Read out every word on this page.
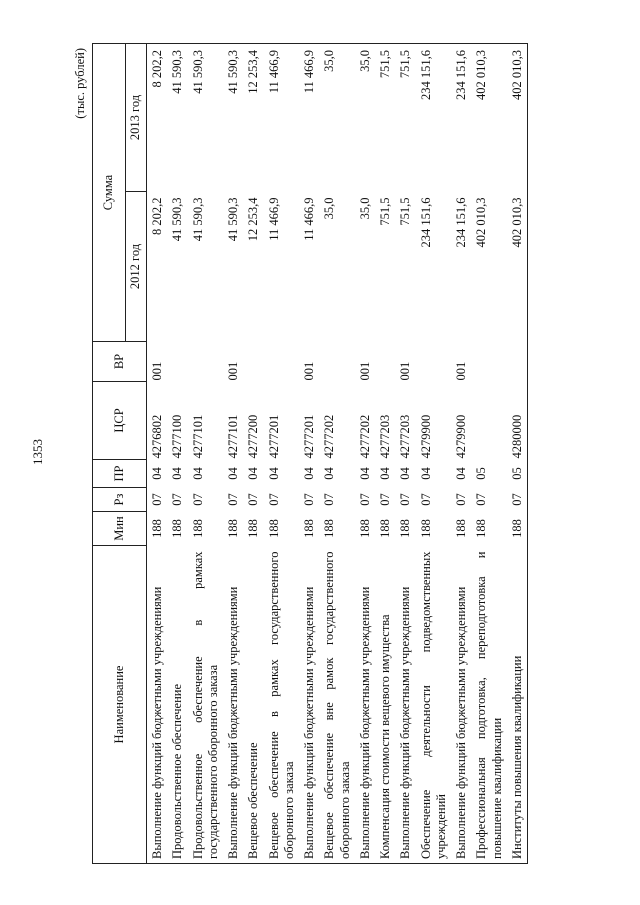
1353
(тыс. рублей)
Наименование	Мин	Рз	ПР	ЦСР	ВР	Сумма	
						2012 год	2013 год
Выполнение функций бюджетными учреждениями	188	07	04	4276802	001	8 202,2	8 202,2
Продовольственное обеспечение	188	07	04	4277100		41 590,3	41 590,3
Продовольственное обеспечение в рамках государственного оборонного заказа	188	07	04	4277101		41 590,3	41 590,3
Выполнение функций бюджетными учреждениями	188	07	04	4277101	001	41 590,3	41 590,3
Вещевое обеспечение	188	07	04	4277200		12 253,4	12 253,4
Вещевое обеспечение в рамках государственного оборонного заказа	188	07	04	4277201		11 466,9	11 466,9
Выполнение функций бюджетными учреждениями	188	07	04	4277201	001	11 466,9	11 466,9
Вещевое обеспечение вне рамок государственного оборонного заказа	188	07	04	4277202		35,0	35,0
Выполнение функций бюджетными учреждениями	188	07	04	4277202	001	35,0	35,0
Компенсация стоимости вещевого имущества	188	07	04	4277203		751,5	751,5
Выполнение функций бюджетными учреждениями	188	07	04	4277203	001	751,5	751,5
Обеспечение деятельности подведомственных учреждений	188	07	04	4279900		234 151,6	234 151,6
Выполнение функций бюджетными учреждениями	188	07	04	4279900	001	234 151,6	234 151,6
Профессиональная подготовка, переподготовка и повышение квалификации	188	07	05			402 010,3	402 010,3
Институты повышения квалификации	188	07	05	4280000		402 010,3	402 010,3
